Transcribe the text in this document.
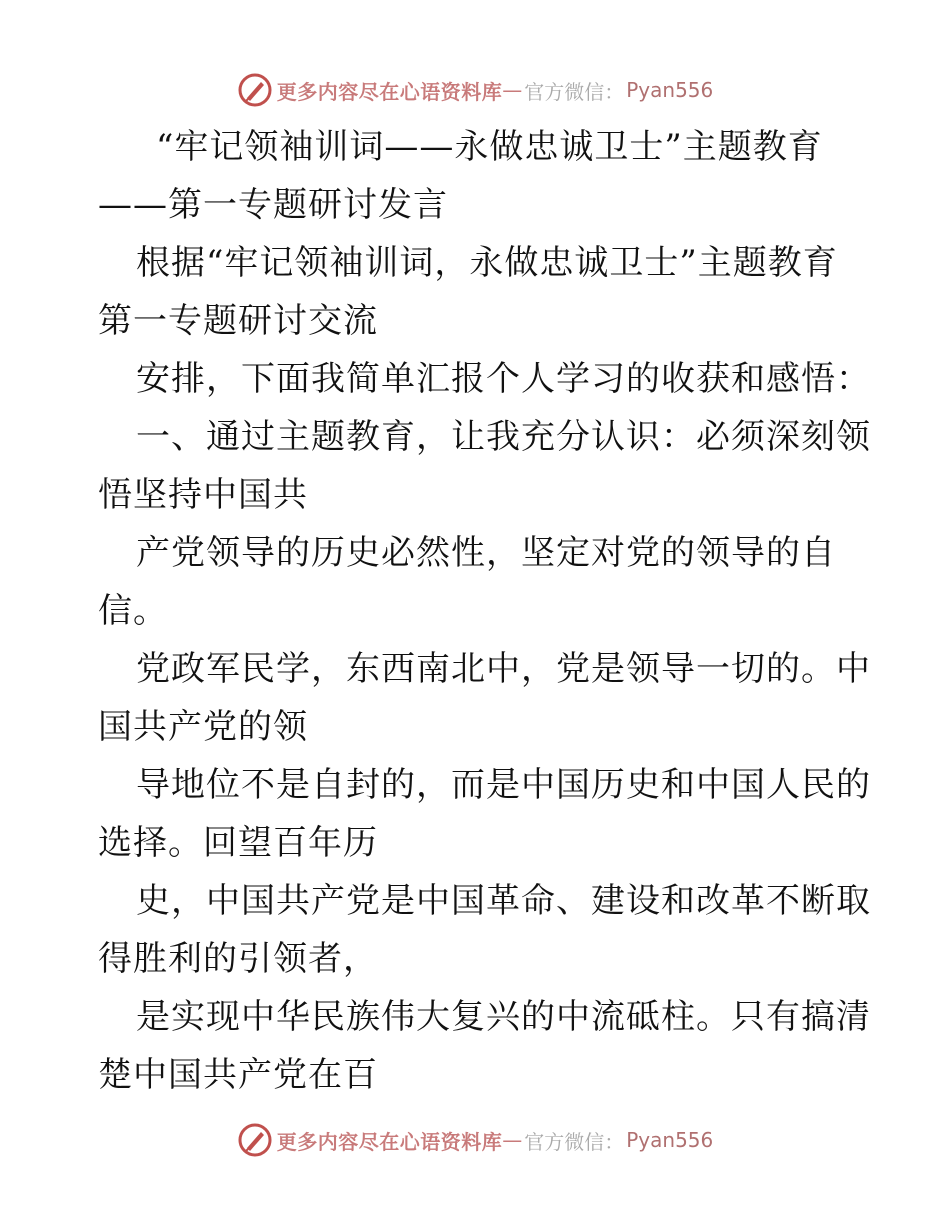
更多内容尽在心语资料库 — 官方微信： Pyan556
“牢记领袖训词——永做忠诚卫士”主题教育
——第一专题研讨发言
根据“牢记领袖训词，永做忠诚卫士”主题教育
第一专题研讨交流
安排，下面我简单汇报个人学习的收获和感悟：
一、通过主题教育，让我充分认识：必须深刻领
悟坚持中国共
产党领导的历史必然性，坚定对党的领导的自
信。
党政军民学，东西南北中，党是领导一切的。中
国共产党的领
导地位不是自封的，而是中国历史和中国人民的
选择。回望百年历
史，中国共产党是中国革命、建设和改革不断取
得胜利的引领者，
是实现中华民族伟大复兴的中流砥柱。只有搞清
楚中国共产党在百
更多内容尽在心语资料库 — 官方微信： Pyan556
